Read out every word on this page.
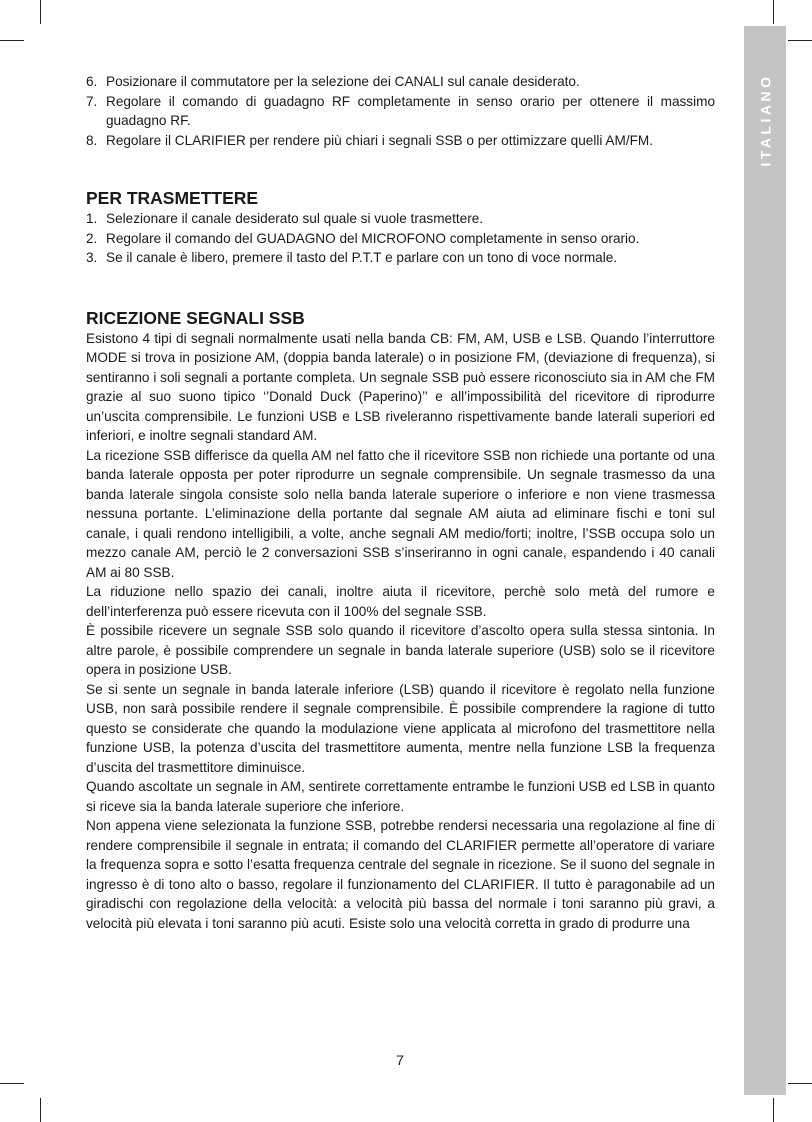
ITALIANO
6. Posizionare il commutatore per la selezione dei CANALI sul canale desiderato.
7. Regolare il comando di guadagno RF completamente in senso orario per ottenere il massimo guadagno RF.
8. Regolare il CLARIFIER per rendere più chiari i segnali SSB o per ottimizzare quelli AM/FM.
PER TRASMETTERE
1. Selezionare il canale desiderato sul quale si vuole trasmettere.
2. Regolare il comando del GUADAGNO del MICROFONO completamente in senso orario.
3. Se il canale è libero, premere il tasto del P.T.T e parlare con un tono di voce normale.
RICEZIONE SEGNALI SSB

Esistono 4 tipi di segnali normalmente usati nella banda CB: FM, AM, USB e LSB. Quando l’interruttore MODE si trova in posizione AM, (doppia banda laterale) o in posizione FM, (deviazione di frequenza), si sentiranno i soli segnali a portante completa. Un segnale SSB può essere riconosciuto sia in AM che FM grazie al suo suono tipico ‘’Donald Duck (Paperino)’’ e all’impossibilità del ricevitore di riprodurre un’uscita comprensibile. Le funzioni USB e LSB riveleranno rispettivamente bande laterali superiori ed inferiori, e inoltre segnali standard AM.

La ricezione SSB differisce da quella AM nel fatto che il ricevitore SSB non richiede una portante od una banda laterale opposta per poter riprodurre un segnale comprensibile. Un segnale trasmesso da una banda laterale singola consiste solo nella banda laterale superiore o inferiore e non viene trasmessa nessuna portante. L’eliminazione della portante dal segnale AM aiuta ad eliminare fischi e toni sul canale, i quali rendono intelligibili, a volte, anche segnali AM medio/forti; inoltre, l’SSB occupa solo un mezzo canale AM, perciò le 2 conversazioni SSB s’inseriranno in ogni canale, espandendo i 40 canali AM ai 80 SSB.

La riduzione nello spazio dei canali, inoltre aiuta il ricevitore, perchè solo metà del rumore e dell’interferenza può essere ricevuta con il 100% del segnale SSB.

È possibile ricevere un segnale SSB solo quando il ricevitore d’ascolto opera sulla stessa sintonia. In altre parole, è possibile comprendere un segnale in banda laterale superiore (USB) solo se il ricevitore opera in posizione USB.

Se si sente un segnale in banda laterale inferiore (LSB) quando il ricevitore è regolato nella funzione USB, non sarà possibile rendere il segnale comprensibile. È possibile comprendere la ragione di tutto questo se considerate che quando la modulazione viene applicata al microfono del trasmettitore nella funzione USB, la potenza d’uscita del trasmettitore aumenta, mentre nella funzione LSB la frequenza d’uscita del trasmettitore diminuisce.

Quando ascoltate un segnale in AM, sentirete correttamente entrambe le funzioni USB ed LSB in quanto si riceve sia la banda laterale superiore che inferiore.

Non appena viene selezionata la funzione SSB, potrebbe rendersi necessaria una regolazione al fine di rendere comprensibile il segnale in entrata; il comando del CLARIFIER permette all’operatore di variare la frequenza sopra e sotto l’esatta frequenza centrale del segnale in ricezione. Se il suono del segnale in ingresso è di tono alto o basso, regolare il funzionamento del CLARIFIER. Il tutto è paragonabile ad un giradischi con regolazione della velocità: a velocità più bassa del normale i toni saranno più gravi, a velocità più elevata i toni saranno più acuti. Esiste solo una velocità corretta in grado di produrre una

7
